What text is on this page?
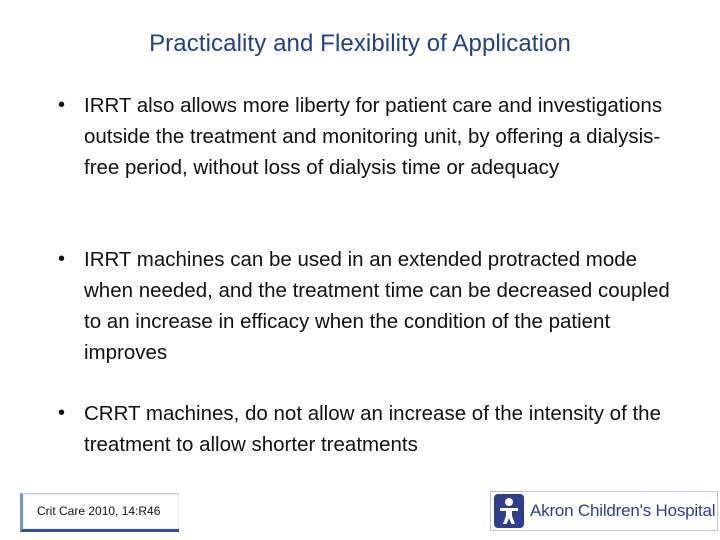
Practicality and Flexibility of Application
• IRRT also allows more liberty for patient care and investigations outside the treatment and monitoring unit, by offering a dialysis-free period, without loss of dialysis time or adequacy
• IRRT machines can be used in an extended protracted mode when needed, and the treatment time can be decreased coupled to an increase in efficacy when the condition of the patient improves
• CRRT machines, do not allow an increase of the intensity of the treatment to allow shorter treatments
Crit Care 2010, 14:R46	Akron Children's Hospital
